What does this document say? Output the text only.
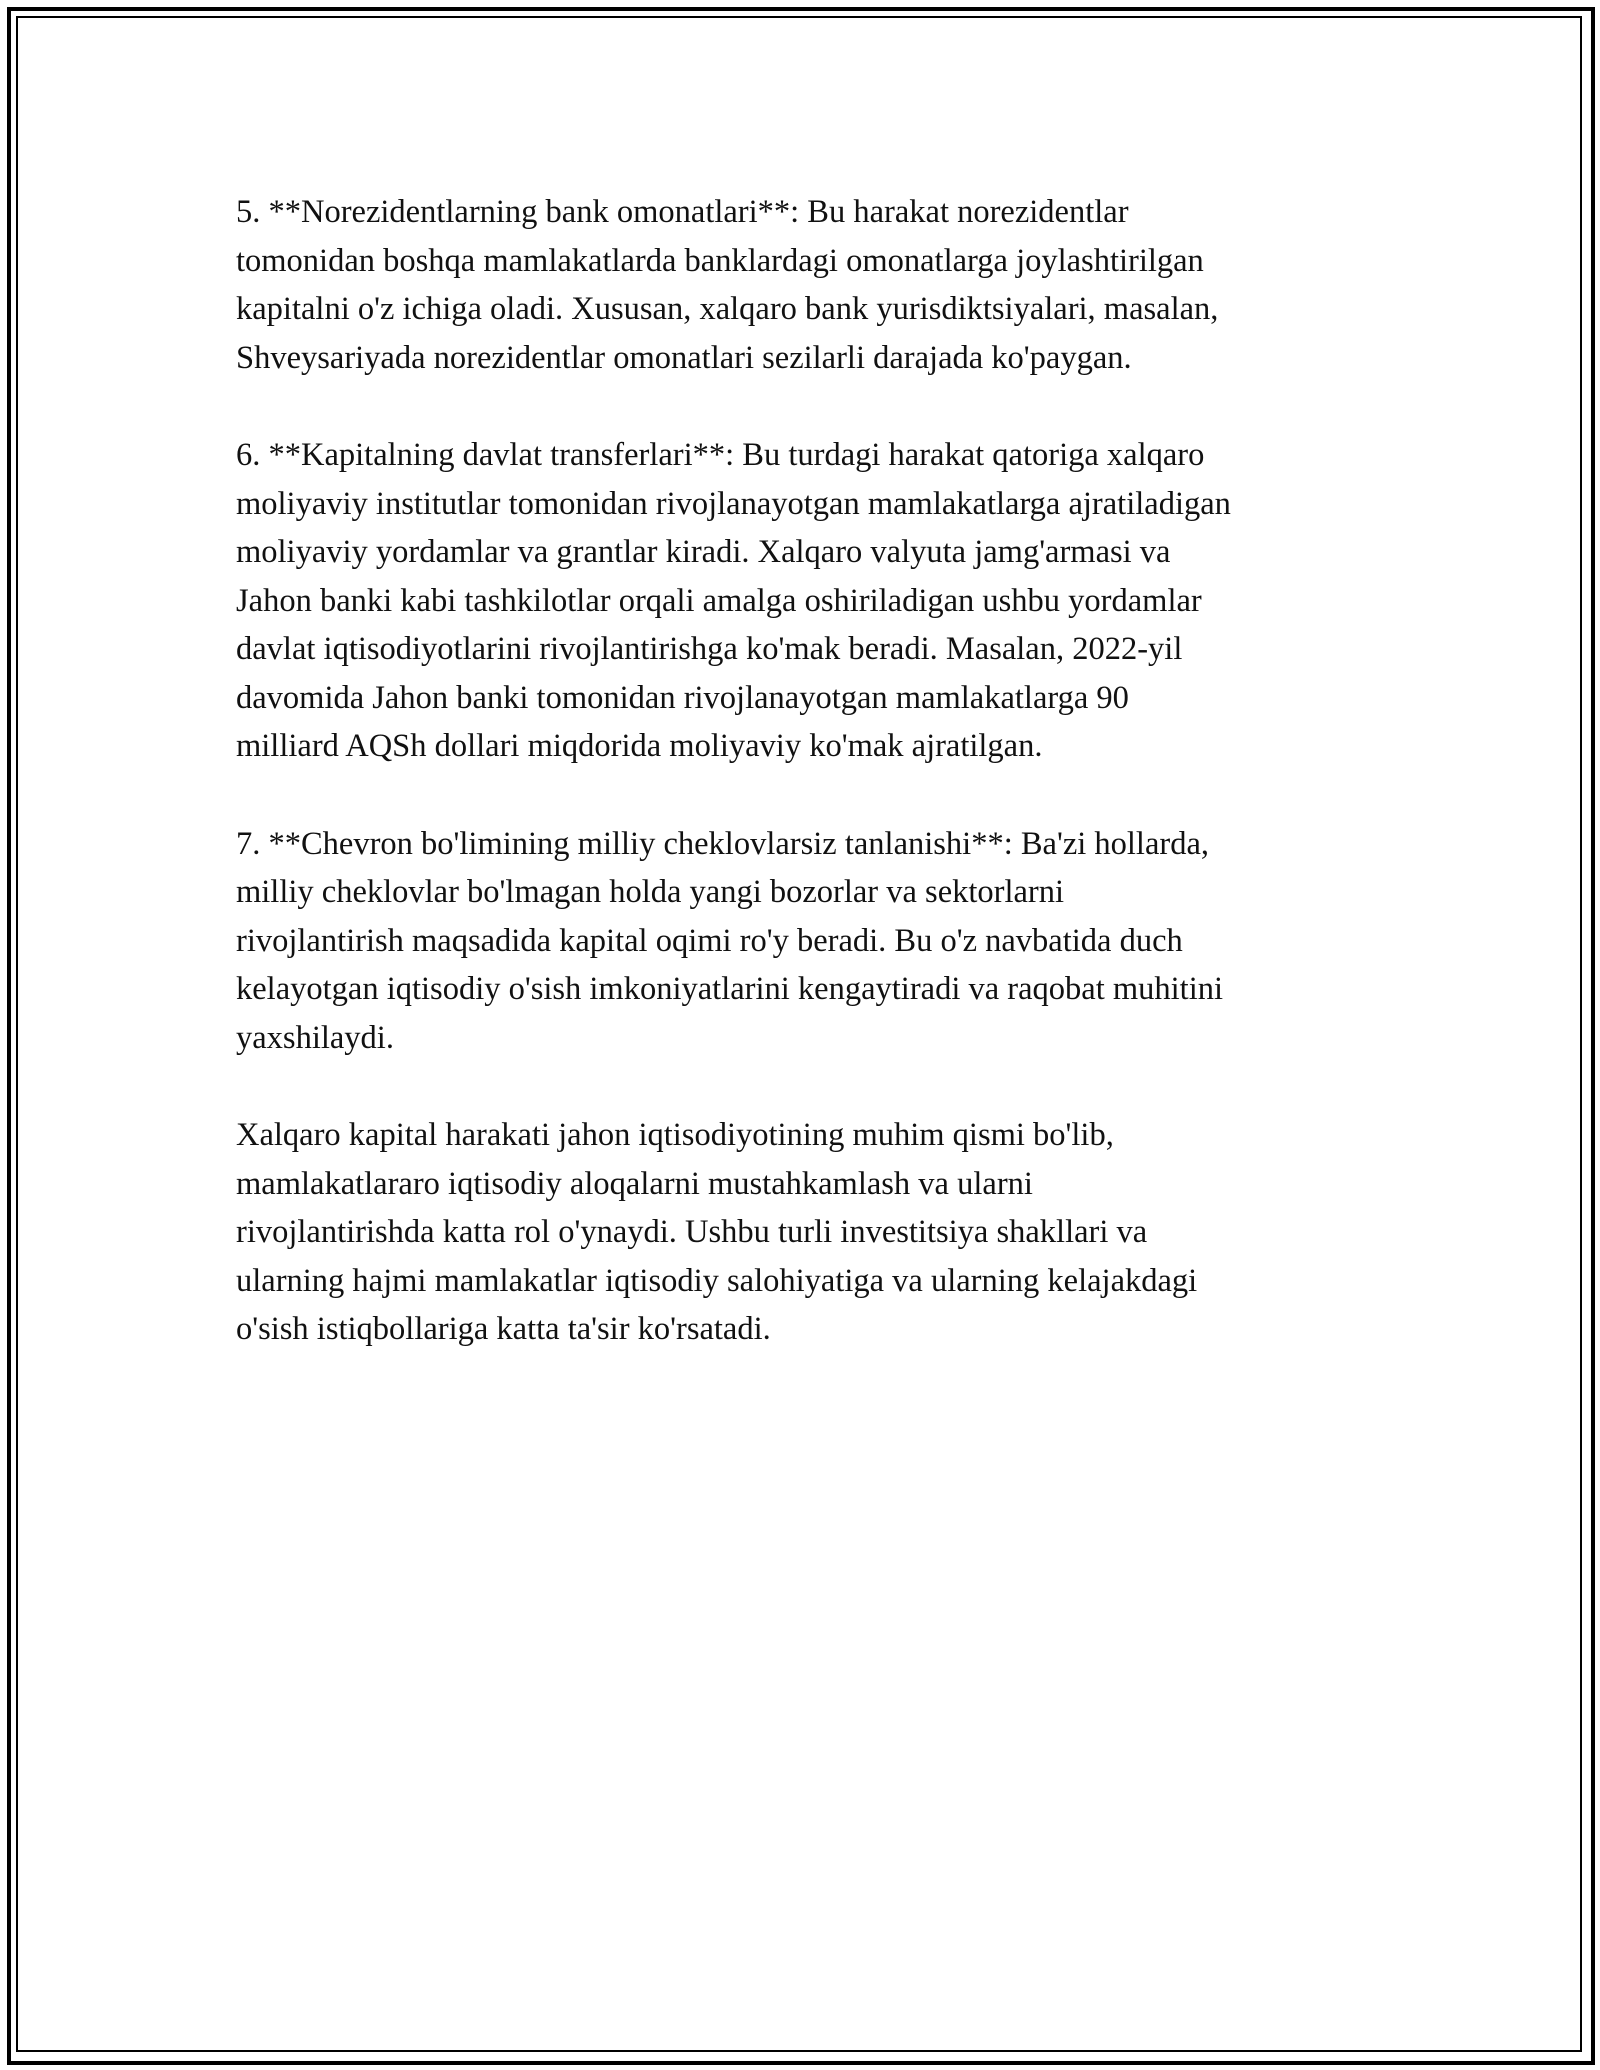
5. **Norezidentlarning bank omonatlari**: Bu harakat norezidentlar
tomonidan boshqa mamlakatlarda banklardagi omonatlarga joylashtirilgan
kapitalni o'z ichiga oladi. Xususan, xalqaro bank yurisdiktsiyalari, masalan,
Shveysariyada norezidentlar omonatlari sezilarli darajada ko'paygan.

6. **Kapitalning davlat transferlari**: Bu turdagi harakat qatoriga xalqaro
moliyaviy institutlar tomonidan rivojlanayotgan mamlakatlarga ajratiladigan
moliyaviy yordamlar va grantlar kiradi. Xalqaro valyuta jamg'armasi va
Jahon banki kabi tashkilotlar orqali amalga oshiriladigan ushbu yordamlar
davlat iqtisodiyotlarini rivojlantirishga ko'mak beradi. Masalan, 2022-yil
davomida Jahon banki tomonidan rivojlanayotgan mamlakatlarga 90
milliard AQSh dollari miqdorida moliyaviy ko'mak ajratilgan.

7. **Chevron bo'limining milliy cheklovlarsiz tanlanishi**: Ba'zi hollarda,
milliy cheklovlar bo'lmagan holda yangi bozorlar va sektorlarni
rivojlantirish maqsadida kapital oqimi ro'y beradi. Bu o'z navbatida duch
kelayotgan iqtisodiy o'sish imkoniyatlarini kengaytiradi va raqobat muhitini
yaxshilaydi.

Xalqaro kapital harakati jahon iqtisodiyotining muhim qismi bo'lib,
mamlakatlararo iqtisodiy aloqalarni mustahkamlash va ularni
rivojlantirishda katta rol o'ynaydi. Ushbu turli investitsiya shakllari va
ularning hajmi mamlakatlar iqtisodiy salohiyatiga va ularning kelajakdagi
o'sish istiqbollariga katta ta'sir ko'rsatadi.
